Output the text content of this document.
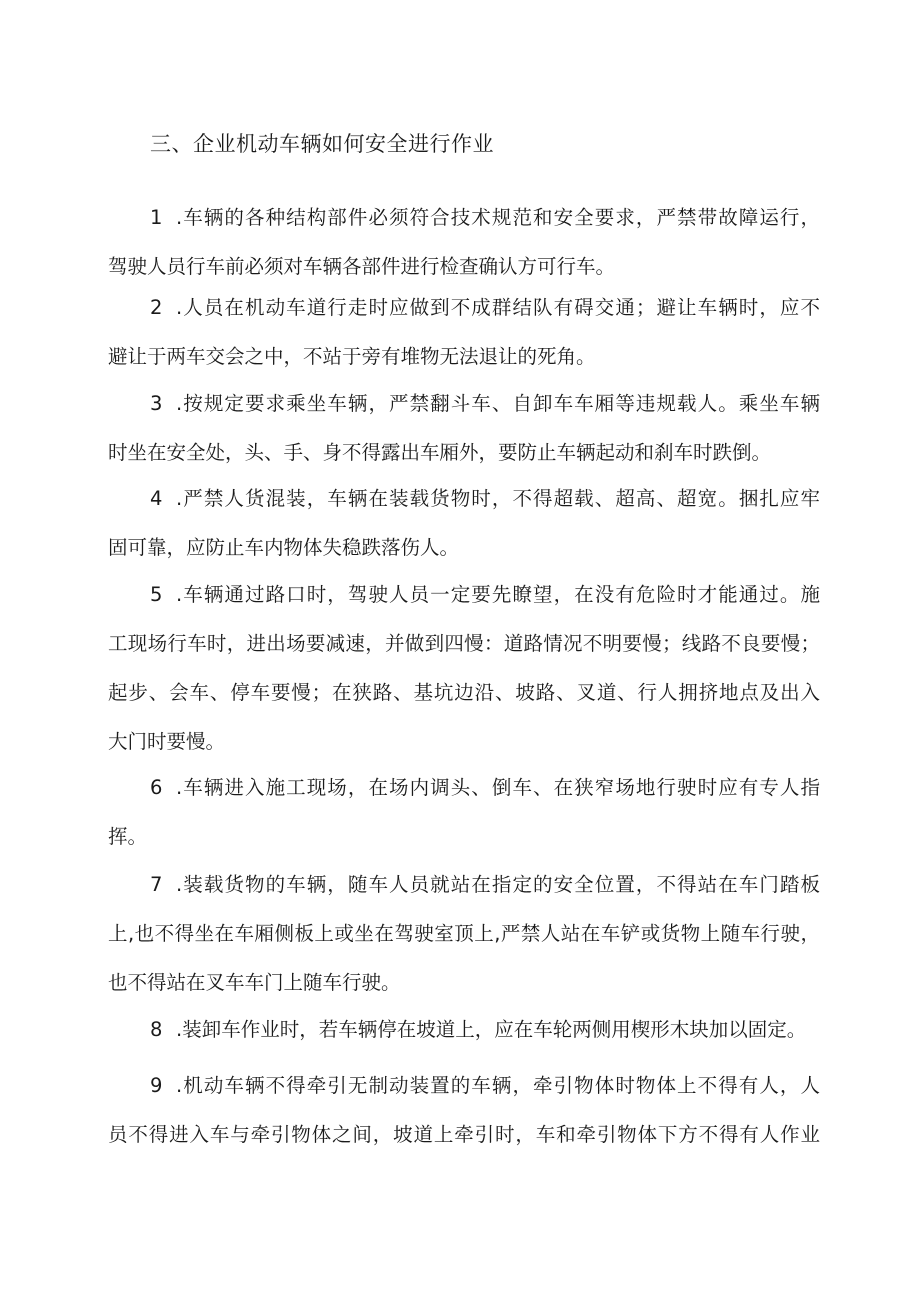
三、企业机动车辆如何安全进行作业
1 .车辆的各种结构部件必须符合技术规范和安全要求，严禁带故障运行，
驾驶人员行车前必须对车辆各部件进行检查确认方可行车。
2 .人员在机动车道行走时应做到不成群结队有碍交通；避让车辆时，应不
避让于两车交会之中，不站于旁有堆物无法退让的死角。
3 .按规定要求乘坐车辆，严禁翻斗车、自卸车车厢等违规载人。乘坐车辆
时坐在安全处，头、手、身不得露出车厢外，要防止车辆起动和刹车时跌倒。
4 .严禁人货混装，车辆在装载货物时，不得超载、超高、超宽。捆扎应牢
固可靠，应防止车内物体失稳跌落伤人。
5 .车辆通过路口时，驾驶人员一定要先瞭望，在没有危险时才能通过。施
工现场行车时，进出场要减速，并做到四慢：道路情况不明要慢；线路不良要慢；
起步、会车、停车要慢；在狭路、基坑边沿、坡路、叉道、行人拥挤地点及出入
大门时要慢。
6 .车辆进入施工现场，在场内调头、倒车、在狭窄场地行驶时应有专人指
挥。
7 .装载货物的车辆，随车人员就站在指定的安全位置，不得站在车门踏板
上,也不得坐在车厢侧板上或坐在驾驶室顶上,严禁人站在车铲或货物上随车行驶，
也不得站在叉车车门上随车行驶。
8 .装卸车作业时，若车辆停在坡道上，应在车轮两侧用楔形木块加以固定。
9 .机动车辆不得牵引无制动装置的车辆，牵引物体时物体上不得有人，人
员不得进入车与牵引物体之间，坡道上牵引时，车和牵引物体下方不得有人作业
